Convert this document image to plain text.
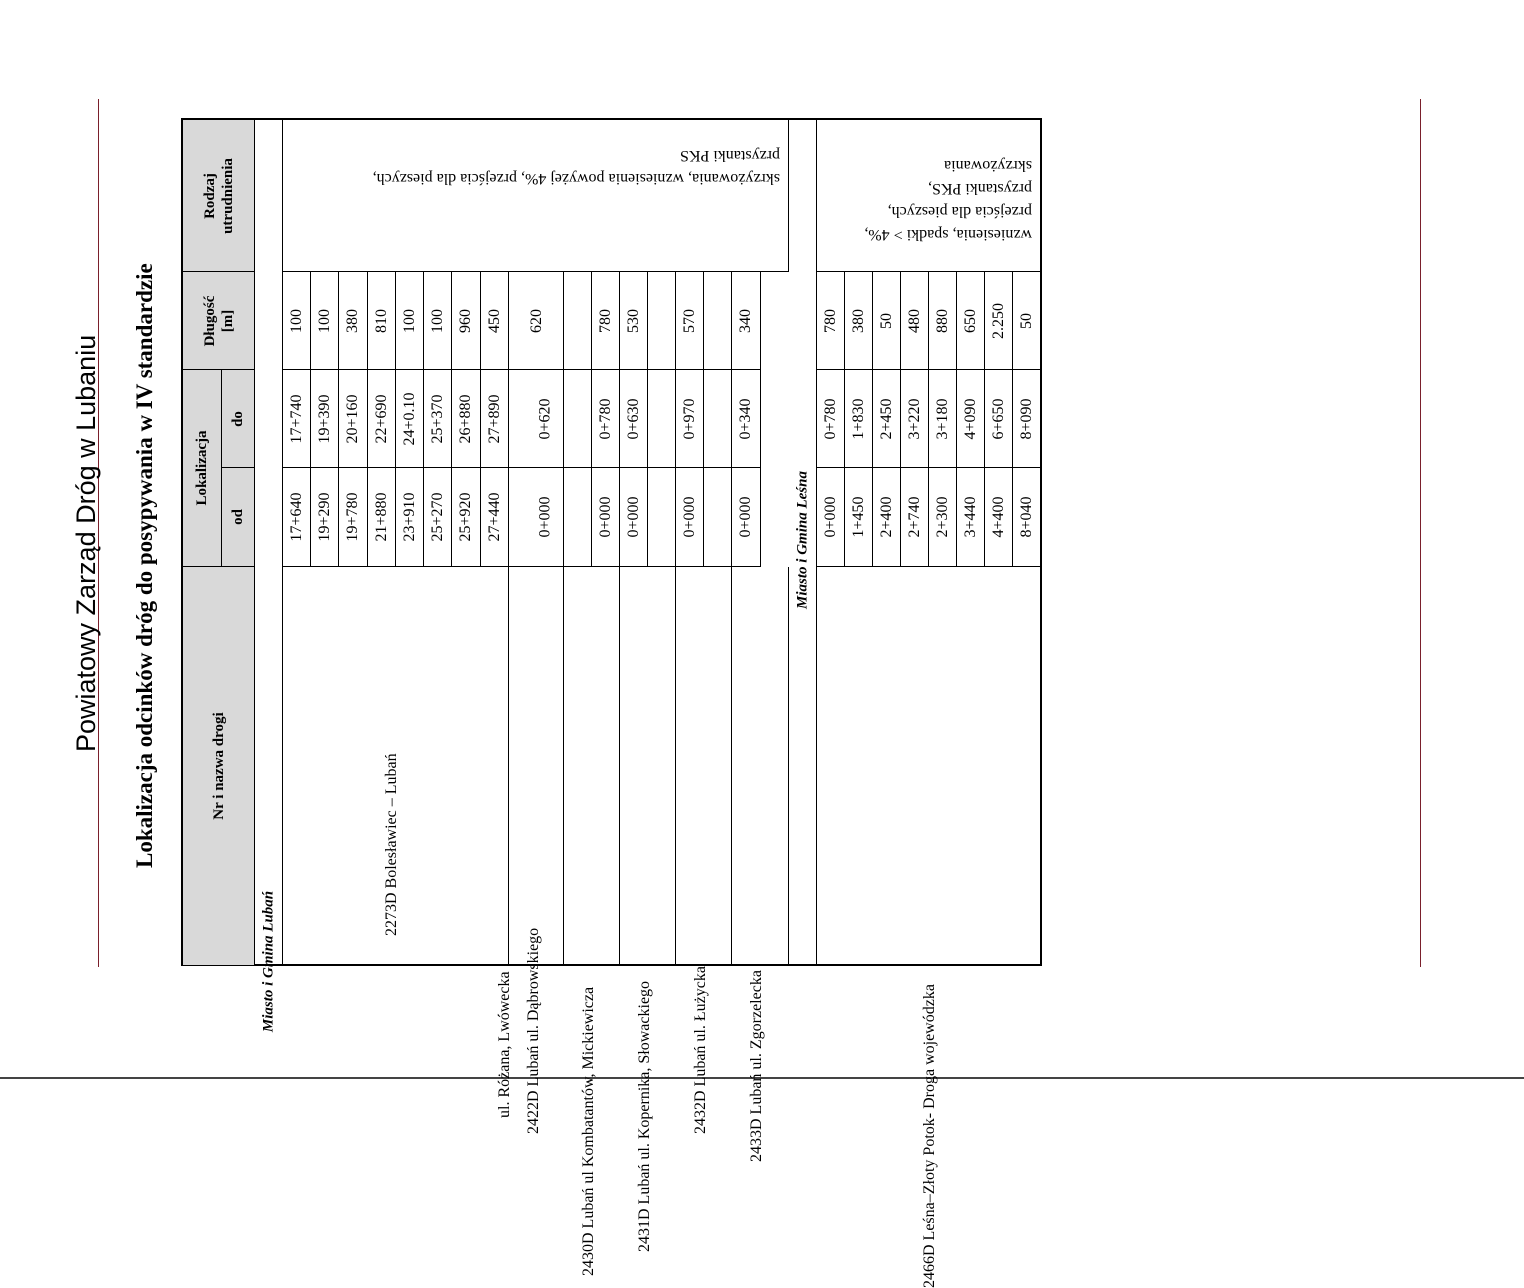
Powiatowy Zarząd Dróg w Lubaniu Lokalizacja odcinków dróg do posypywania w IV standardzie	Nr i nazwa drogi
Lokalizacja
od
do
Długość [m]
Rodzaj utrudnienia
Miasto i Gmina Lubań
2273D Bolesławiec – Lubań
ul. Różana, Lwówecka 2422D Lubań ul. Dąbrowskiego 2430D Lubań ul Kombatantów, Mickiewicza 2431D Lubań ul. Kopernika, Słowackiego 2432D Lubań ul. Łużycka 2433D Lubań ul. Zgorzelecka
17+640
17+740
100
19+290
19+390
100
19+780
20+160
380
21+880
22+690
810
23+910
24+0.10
100
25+270
25+370
100
25+920
26+880
960
27+440
27+890
450
0+000
0+620
620
0+000
0+780
780
0+000
0+630
530
0+000
0+970
570
0+000
0+340
340
skrzyżowania, wzniesienia powyżej 4%, przejścia dla pieszych,
przystanki PKS
Miasto i Gmina Leśna
2466D Leśna–Złoty Potok- Droga wojewódzka
0+000
0+780
780
1+450
1+830
380
2+400
2+450
50
2+740
3+220
480
2+300
3+180
880
3+440
4+090
650
4+400
6+650
2.250
8+040
8+090
50
wzniesienia, spadki > 4%,
przejścia dla pieszych,
przystanki PKS,
skrzyżowania
